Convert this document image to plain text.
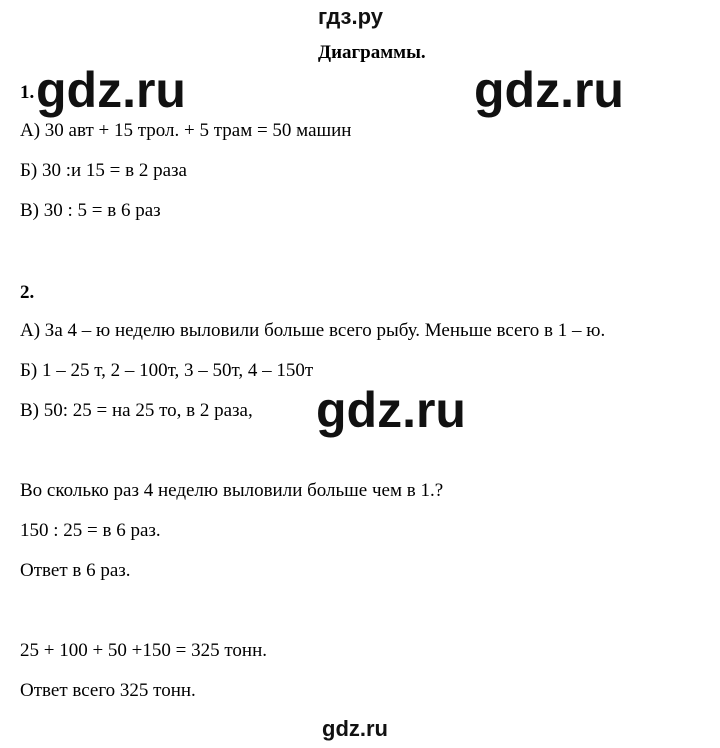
гдз.ру
Диаграммы.
1. gdz.ru	gdz.ru
А) 30 авт + 15 трол. + 5 трам = 50 машин
Б) 30 :и 15 = в 2 раза
В) 30 : 5 = в 6 раз
2.
А) За 4 – ю неделю выловили больше всего рыбу. Меньше всего в 1 – ю.
Б) 1 – 25 т, 2 – 100т, 3 – 50т, 4 – 150т
В) 50: 25 = на 25 то, в 2 раза, gdz.ru
Во сколько раз 4 неделю выловили больше чем в 1.?
150 : 25 = в 6 раз.
Ответ в 6 раз.
25 + 100 + 50 +150 = 325 тонн.
Ответ всего 325 тонн.
gdz.ru
